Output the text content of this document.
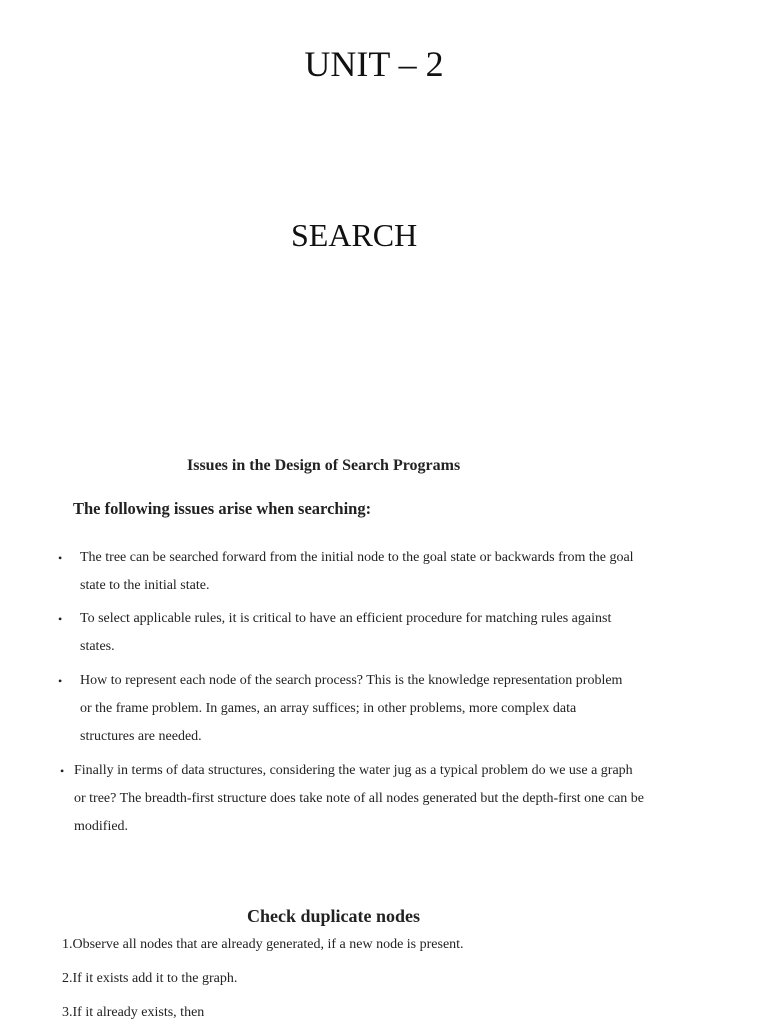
UNIT – 2
SEARCH
Issues in the Design of Search Programs
The following issues arise when searching:
• The tree can be searched forward from the initial node to the goal state or backwards from the goal
state to the initial state.
• To select applicable rules, it is critical to have an efficient procedure for matching rules against
states.
• How to represent each node of the search process? This is the knowledge representation problem
or the frame problem. In games, an array suffices; in other problems, more complex data
structures are needed.
• Finally in terms of data structures, considering the water jug as a typical problem do we use a graph
or tree? The breadth-first structure does take note of all nodes generated but the depth-first one can be
modified.
Check duplicate nodes
1.Observe all nodes that are already generated, if a new node is present.
2.If it exists add it to the graph.
3.If it already exists, then
